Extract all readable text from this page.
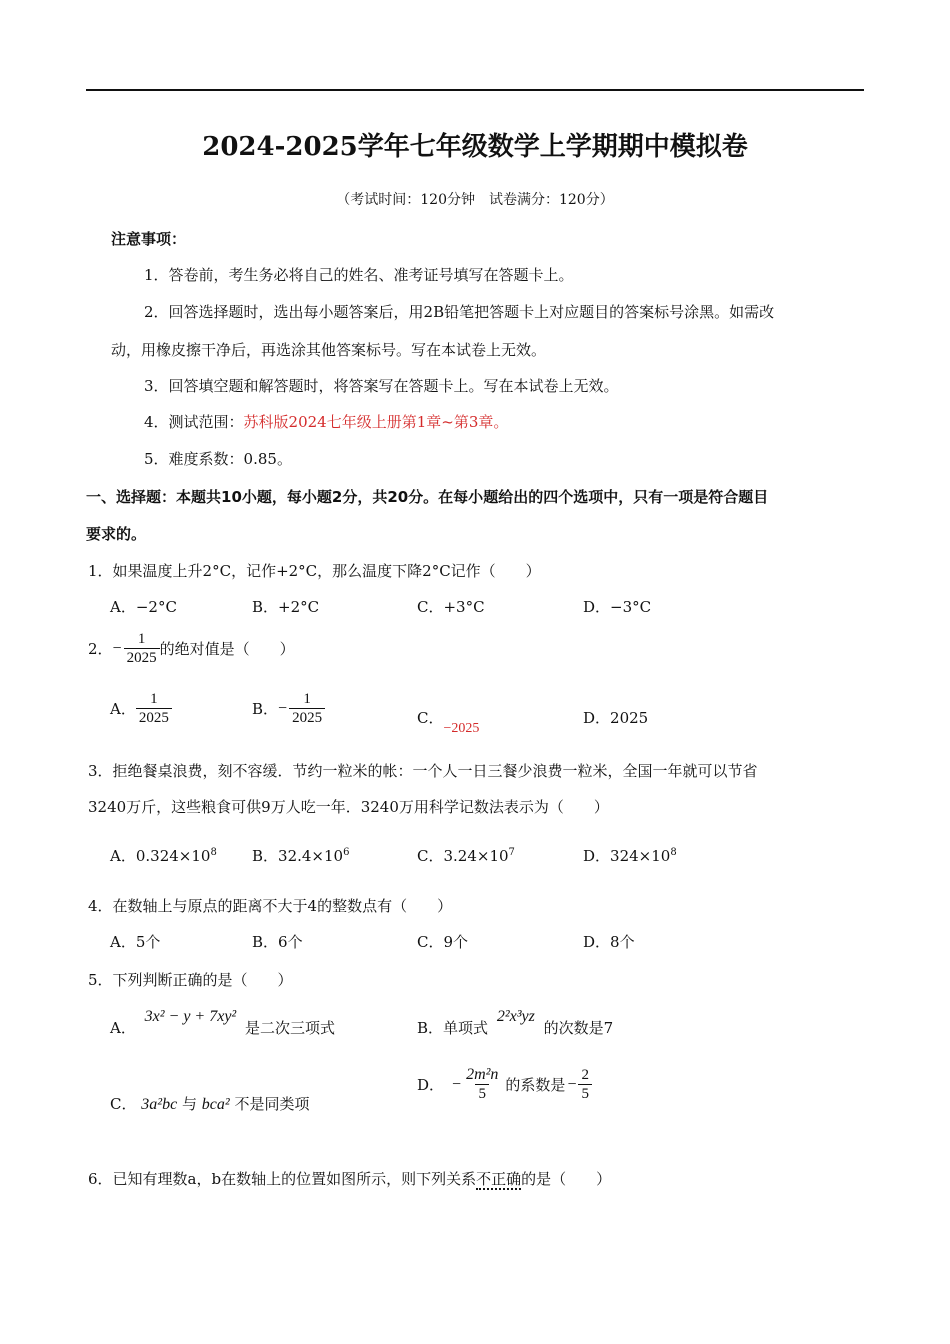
2024-2025学年七年级数学上学期期中模拟卷
（考试时间：120分钟　试卷满分：120分）
注意事项：
1．答卷前，考生务必将自己的姓名、准考证号填写在答题卡上。
2．回答选择题时，选出每小题答案后，用2B铅笔把答题卡上对应题目的答案标号涂黑。如需改
动，用橡皮擦干净后，再选涂其他答案标号。写在本试卷上无效。
3．回答填空题和解答题时，将答案写在答题卡上。写在本试卷上无效。
4．测试范围：苏科版2024七年级上册第1章~第3章。
5．难度系数：0.85。
一、选择题：本题共10小题，每小题2分，共20分。在每小题给出的四个选项中，只有一项是符合题目
要求的。
1．如果温度上升2°C，记作+2°C，那么温度下降2°C记作（　　）
A．−2°C	B．+2°C	C．+3°C	D．−3°C
2． − $\frac{1}{2025}$ 的绝对值是（　　）
A． $\frac{1}{2025}$	B． − $\frac{1}{2025}$	C．−2025
D．2025
3．拒绝餐桌浪费，刻不容缓．节约一粒米的帐：一个人一日三餐少浪费一粒米，全国一年就可以节省
3240万斤，这些粮食可供9万人吃一年．3240万用科学记数法表示为（　　）
A．$0.324\times 10^8$ B．$32.4\times 10^6$	C．$3.24\times 10^7$	D．$324\times 10^8$
4．在数轴上与原点的距离不大于4的整数点有（　　）
A．5个	B．6个	C．9个	D．8个
5．下列判断正确的是（　　）
A． 3x² − y + 7xy² 是二次三项式	B．单项式 2²x³yz 的次数是7
C． 3a²bc 与 bca² 不是同类项
D． − $\frac{\text{2m²n}}{5}$ 的系数是 − $\frac{2}{5}$
6．已知有理数a，b在数轴上的位置如图所示，则下列关系不正确的是（　　）
